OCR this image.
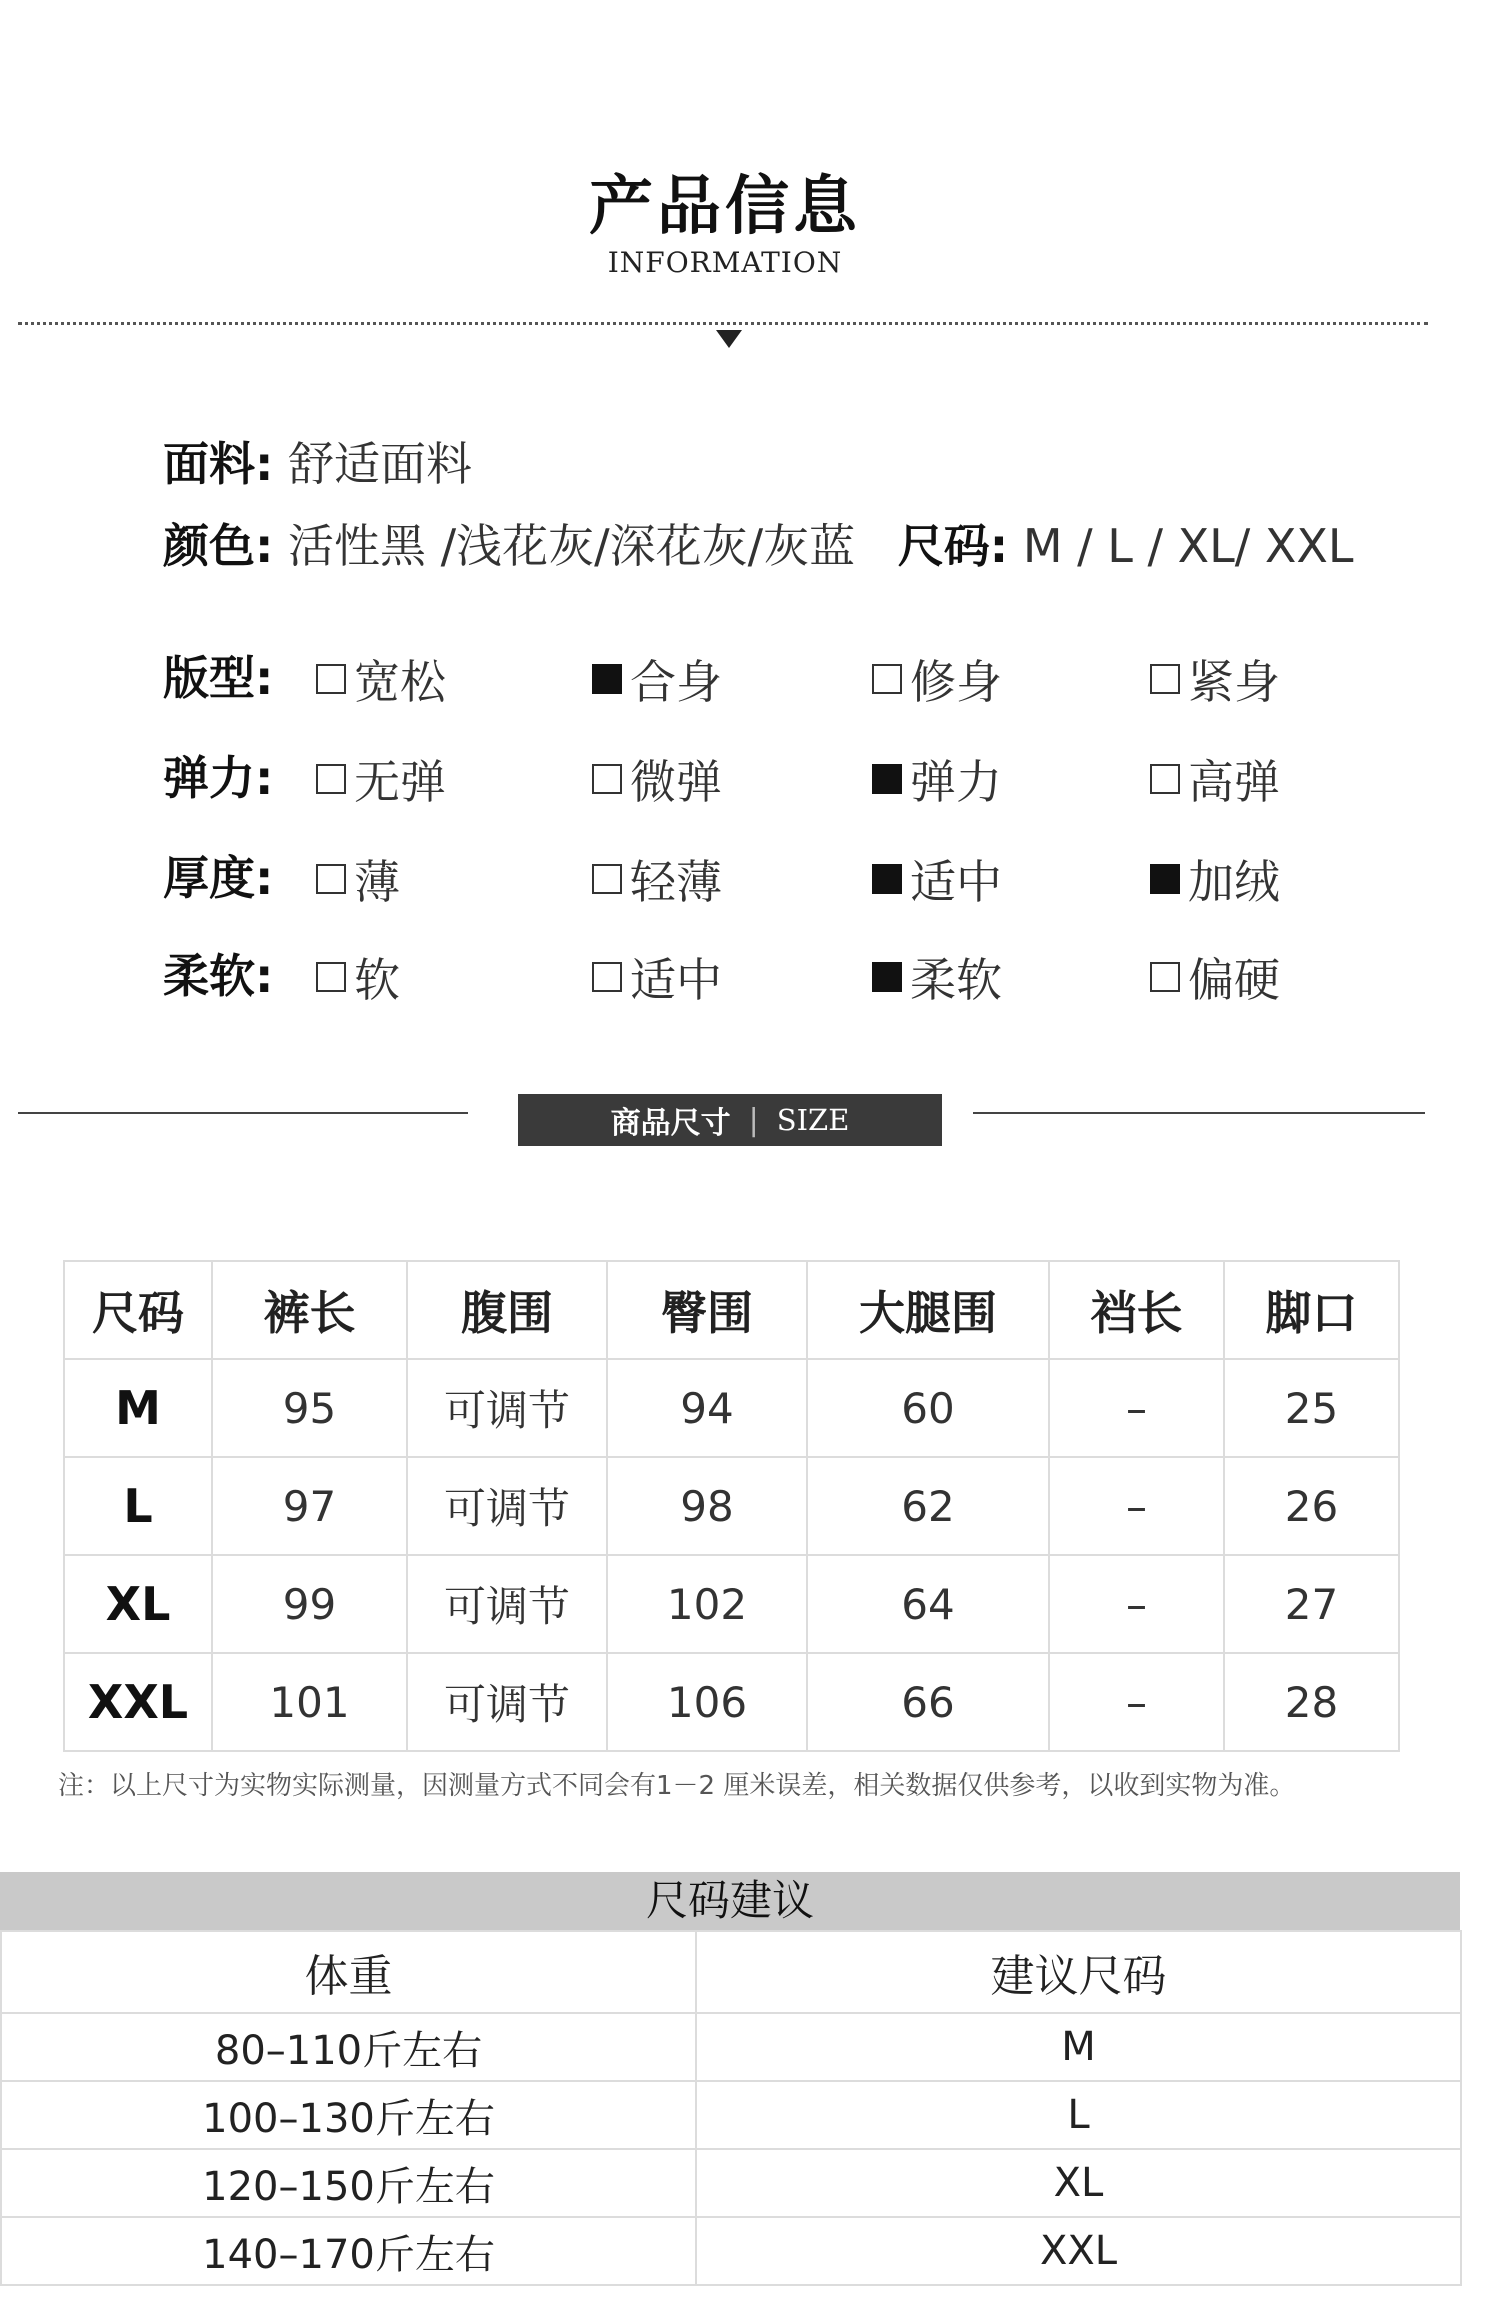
产品信息
INFORMATION
面料: 舒适面料
颜色: 活性黑 /浅花灰/深花灰/灰蓝 尺码: M / L / XL/ XXL
版型: 宽松	合身	修身	紧身
弹力: 无弹	微弹	弹力	高弹
厚度: 薄	轻薄	适中	加绒
柔软: 软	适中	柔软	偏硬
商品尺寸 | SIZE
尺码	裤长	腹围	臀围	大腿围	裆长	脚口
M	95	可调节	94	60	–	25
L	97	可调节	98	62	–	26
XL	99	可调节	102	64	–	27
XXL	101	可调节	106	66	–	28
注：以上尺寸为实物实际测量，因测量方式不同会有1－2 厘米误差，相关数据仅供参考，以收到实物为准。
尺码建议
体重	建议尺码
80–110斤左右	M
100–130斤左右	L
120–150斤左右	XL
140–170斤左右	XXL
